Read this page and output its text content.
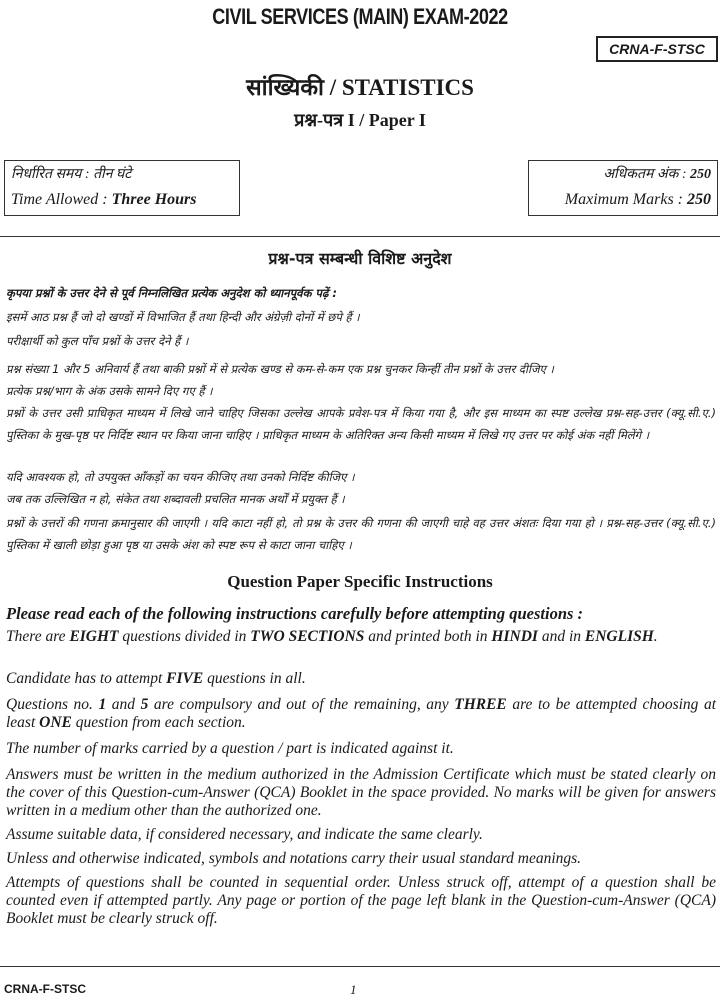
CIVIL SERVICES (MAIN) EXAM-2022
CRNA-F-STSC
सांख्यिकी / STATISTICS
प्रश्न-पत्र I / Paper I
निर्धारित समय : तीन घंटे
Time Allowed : Three Hours
अधिकतम अंक : 250
Maximum Marks : 250
प्रश्न-पत्र सम्बन्धी विशिष्ट अनुदेश

कृपया प्रश्नों के उत्तर देने से पूर्व निम्नलिखित प्रत्येक अनुदेश को ध्यानपूर्वक पढ़ें :

इसमें आठ प्रश्न हैं जो दो खण्डों में विभाजित हैं तथा हिन्दी और अंग्रेज़ी दोनों में छपे हैं ।

परीक्षार्थी को कुल पाँच प्रश्नों के उत्तर देने हैं ।

प्रश्न संख्या 1 और 5 अनिवार्य हैं तथा बाकी प्रश्नों में से प्रत्येक खण्ड से कम-से-कम एक प्रश्न चुनकर किन्हीं तीन प्रश्नों के उत्तर दीजिए ।

प्रत्येक प्रश्न/भाग के अंक उसके सामने दिए गए हैं ।

प्रश्नों के उत्तर उसी प्राधिकृत माध्यम में लिखे जाने चाहिए जिसका उल्लेख आपके प्रवेश-पत्र में किया गया है, और इस माध्यम का स्पष्ट उल्लेख प्रश्न-सह-उत्तर (क्यू.सी.ए.) पुस्तिका के मुख-पृष्ठ पर निर्दिष्ट स्थान पर किया जाना चाहिए । प्राधिकृत माध्यम के अतिरिक्त अन्य किसी माध्यम में लिखे गए उत्तर पर कोई अंक नहीं मिलेंगे ।

यदि आवश्यक हो, तो उपयुक्त आँकड़ों का चयन कीजिए तथा उनको निर्दिष्ट कीजिए ।

जब तक उल्लिखित न हो, संकेत तथा शब्दावली प्रचलित मानक अर्थों में प्रयुक्त हैं ।

प्रश्नों के उत्तरों की गणना क्रमानुसार की जाएगी । यदि काटा नहीं हो, तो प्रश्न के उत्तर की गणना की जाएगी चाहे वह उत्तर अंशतः दिया गया हो । प्रश्न-सह-उत्तर (क्यू.सी.ए.) पुस्तिका में खाली छोड़ा हुआ पृष्ठ या उसके अंश को स्पष्ट रूप से काटा जाना चाहिए ।

Question Paper Specific Instructions
Please read each of the following instructions carefully before attempting questions :

There are EIGHT questions divided in TWO SECTIONS and printed both in HINDI and in ENGLISH.

Candidate has to attempt FIVE questions in all.

Questions no. 1 and 5 are compulsory and out of the remaining, any THREE are to be attempted choosing at least ONE question from each section.

The number of marks carried by a question / part is indicated against it.

Answers must be written in the medium authorized in the Admission Certificate which must be stated clearly on the cover of this Question-cum-Answer (QCA) Booklet in the space provided. No marks will be given for answers written in a medium other than the authorized one.

Assume suitable data, if considered necessary, and indicate the same clearly.

Unless and otherwise indicated, symbols and notations carry their usual standard meanings.

Attempts of questions shall be counted in sequential order. Unless struck off, attempt of a question shall be counted even if attempted partly. Any page or portion of the page left blank in the Question-cum-Answer (QCA) Booklet must be clearly struck off.

CRNA-F-STSC	1
